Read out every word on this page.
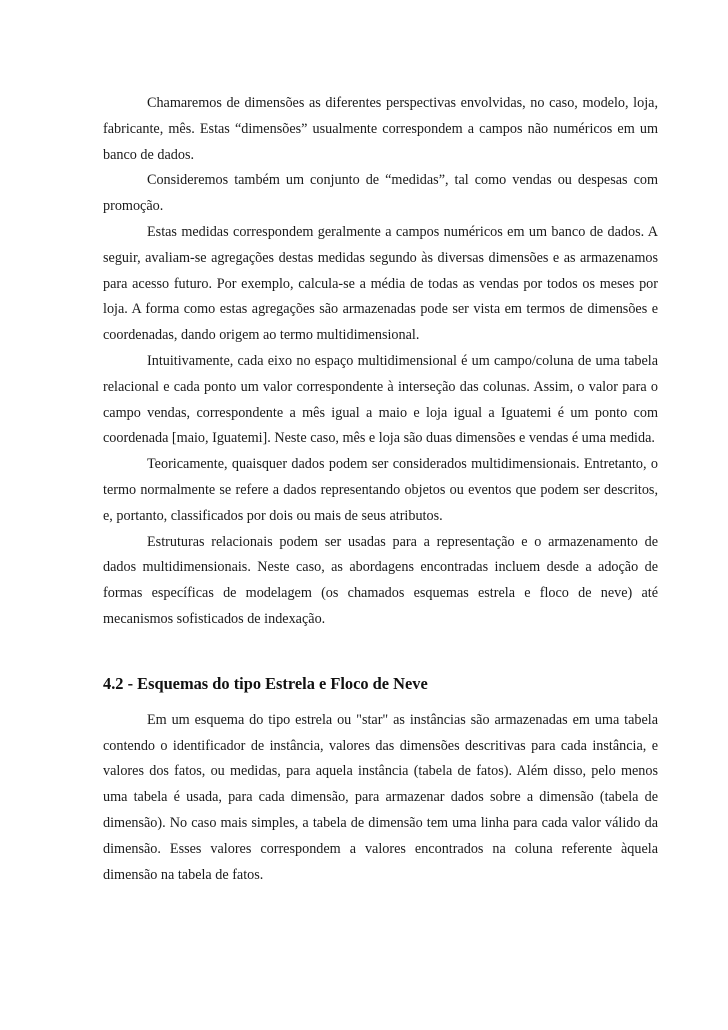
Chamaremos de dimensões as diferentes perspectivas envolvidas, no caso, modelo, loja, fabricante, mês. Estas “dimensões” usualmente correspondem a campos não numéricos em um banco de dados.

Consideremos também um conjunto de “medidas”, tal como vendas ou despesas com promoção.

Estas medidas correspondem geralmente a campos numéricos em um banco de dados. A seguir, avaliam-se agregações destas medidas segundo às diversas dimensões e as armazenamos para acesso futuro. Por exemplo, calcula-se a média de todas as vendas por todos os meses por loja. A forma como estas agregações são armazenadas pode ser vista em termos de dimensões e coordenadas, dando origem ao termo multidimensional.

Intuitivamente, cada eixo no espaço multidimensional é um campo/coluna de uma tabela relacional e cada ponto um valor correspondente à interseção das colunas. Assim, o valor para o campo vendas, correspondente a mês igual a maio e loja igual a Iguatemi é um ponto com coordenada [maio, Iguatemi]. Neste caso, mês e loja são duas dimensões e vendas é uma medida.

Teoricamente, quaisquer dados podem ser considerados multidimensionais. Entretanto, o termo normalmente se refere a dados representando objetos ou eventos que podem ser descritos, e, portanto, classificados por dois ou mais de seus atributos.

Estruturas relacionais podem ser usadas para a representação e o armazenamento de dados multidimensionais. Neste caso, as abordagens encontradas incluem desde a adoção de formas específicas de modelagem (os chamados esquemas estrela e floco de neve) até mecanismos sofisticados de indexação.

4.2 - Esquemas do tipo Estrela e Floco de Neve

Em um esquema do tipo estrela ou "star" as instâncias são armazenadas em uma tabela contendo o identificador de instância, valores das dimensões descritivas para cada instância, e valores dos fatos, ou medidas, para aquela instância (tabela de fatos). Além disso, pelo menos uma tabela é usada, para cada dimensão, para armazenar dados sobre a dimensão (tabela de dimensão). No caso mais simples, a tabela de dimensão tem uma linha para cada valor válido da dimensão. Esses valores correspondem a valores encontrados na coluna referente àquela dimensão na tabela de fatos.
